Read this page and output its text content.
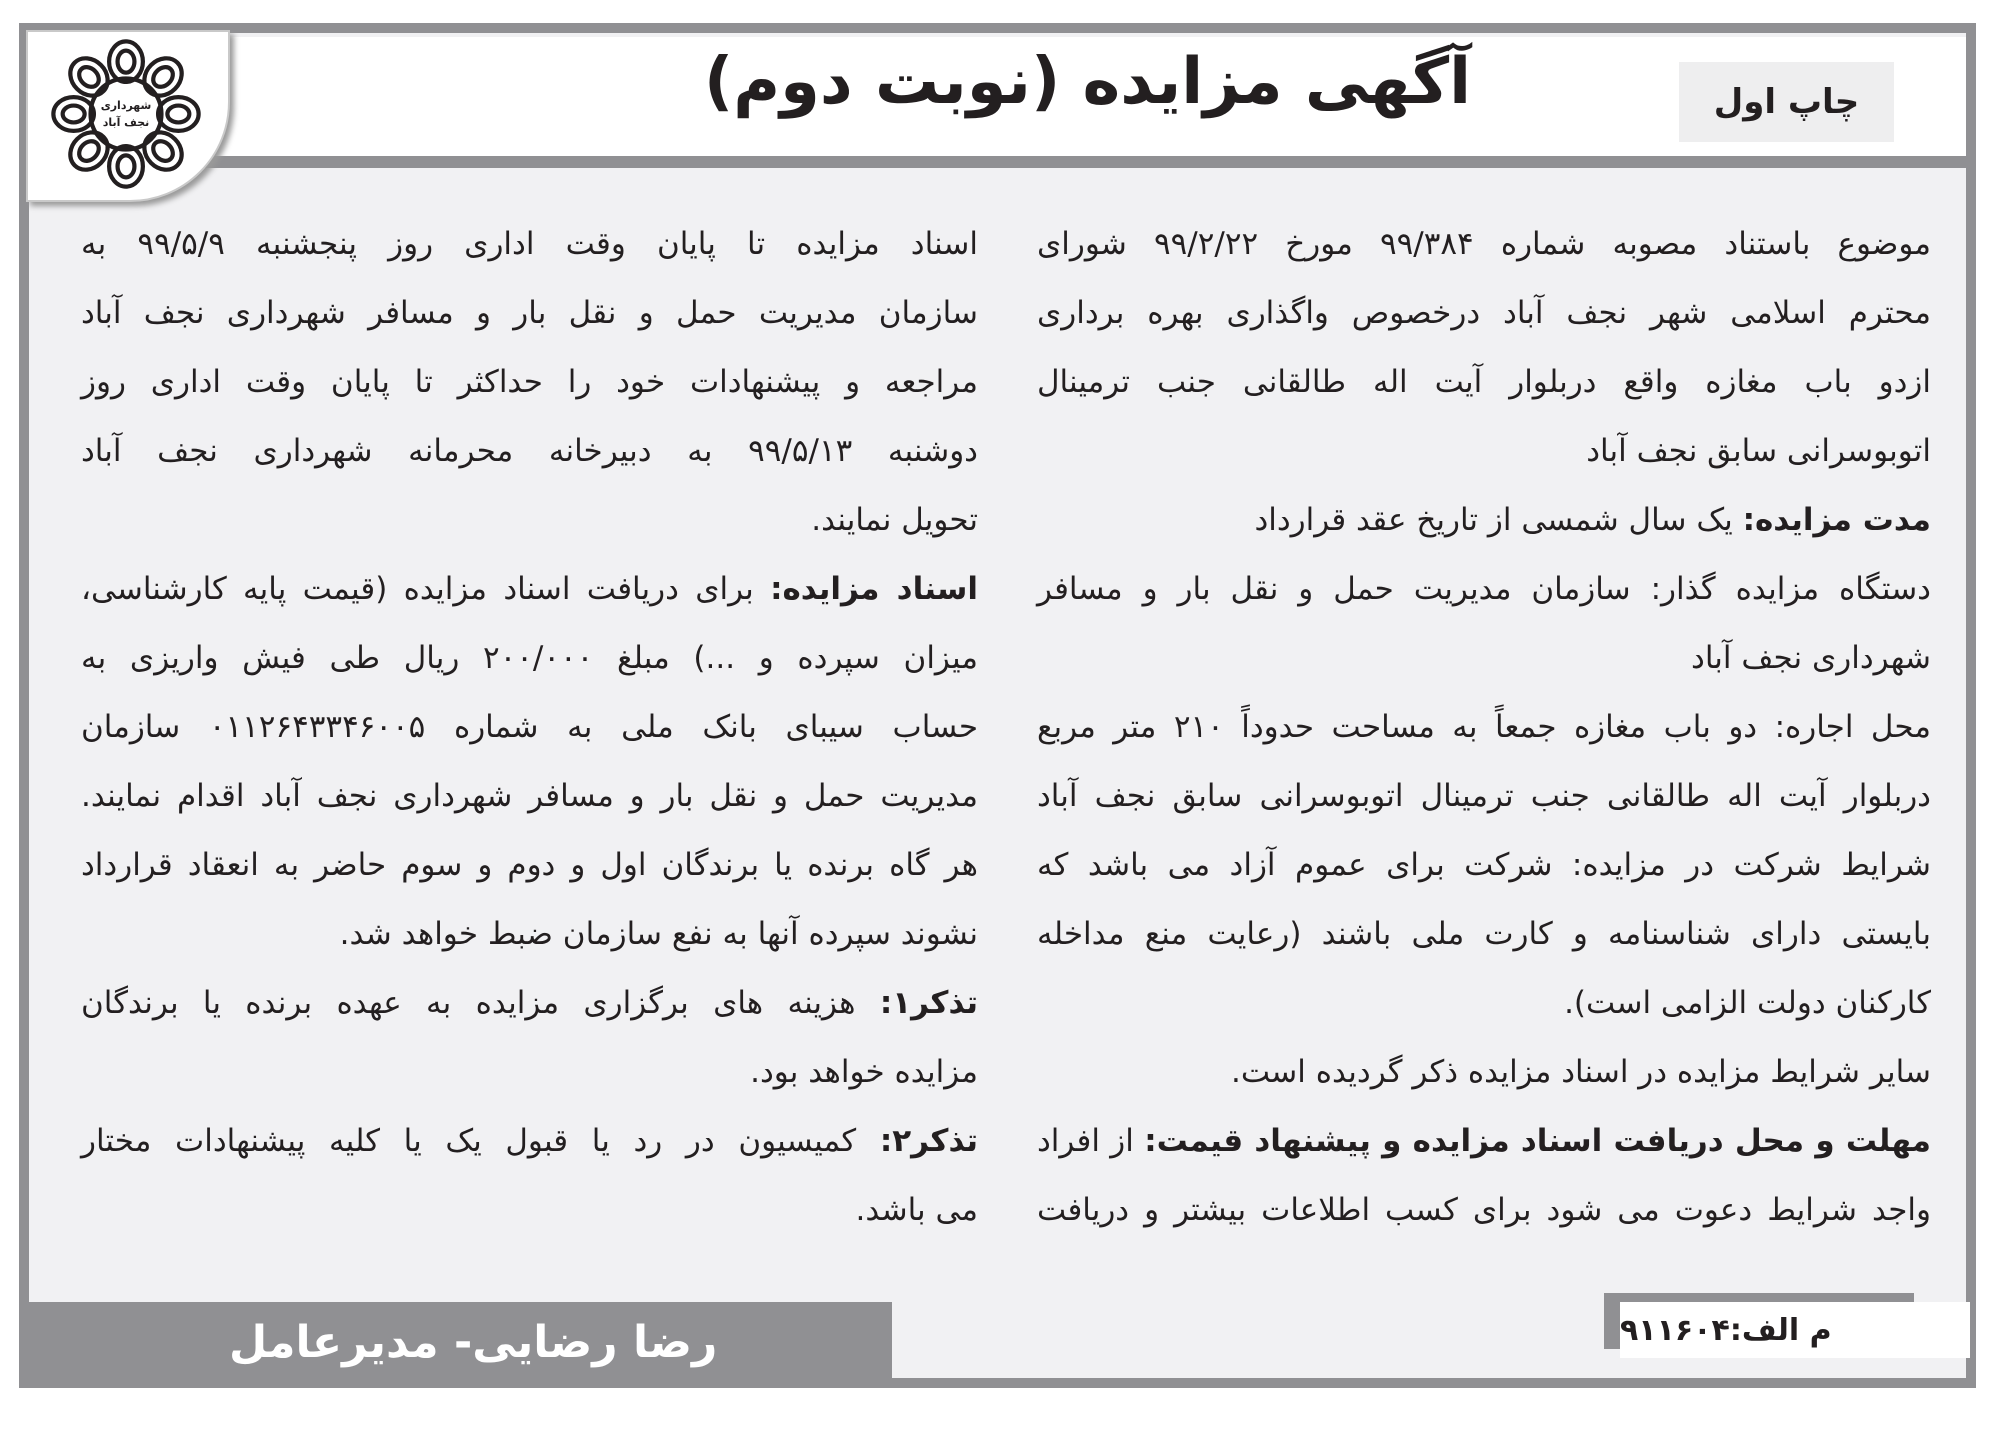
آگهی مزایده (نوبت دوم)	چاپ اول
شهرداری
نجف آباد
موضوع باستناد مصوبه شماره ۹۹/۳۸۴ مورخ ۹۹/۲/۲۲ شورای
محترم اسلامی شهر نجف آباد درخصوص واگذاری بهره برداری
ازدو باب مغازه واقع دربلوار آیت اله طالقانی جنب ترمینال
اتوبوسرانی سابق نجف آباد
مدت مزایده: یک سال شمسی از تاریخ عقد قرارداد
دستگاه مزایده گذار: سازمان مدیریت حمل و نقل بار و مسافر
شهرداری نجف آباد
محل اجاره: دو باب مغازه جمعاً به مساحت حدوداً ۲۱۰ متر مربع
دربلوار آیت اله طالقانی جنب ترمینال اتوبوسرانی سابق نجف آباد
شرایط شرکت در مزایده: شرکت برای عموم آزاد می باشد که
بایستی دارای شناسنامه و کارت ملی باشند (رعایت منع مداخله
کارکنان دولت الزامی است).
سایر شرایط مزایده در اسناد مزایده ذکر گردیده است.
مهلت و محل دریافت اسناد مزایده و پیشنهاد قیمت: از افراد
واجد شرایط دعوت می شود برای کسب اطلاعات بیشتر و دریافت
اسناد مزایده تا پایان وقت اداری روز پنجشنبه ۹۹/۵/۹ به
سازمان مدیریت حمل و نقل بار و مسافر شهرداری نجف آباد
مراجعه و پیشنهادات خود را حداکثر تا پایان وقت اداری روز
دوشنبه ۹۹/۵/۱۳ به دبیرخانه محرمانه شهرداری نجف آباد
تحویل نمایند.
اسناد مزایده: برای دریافت اسناد مزایده (قیمت پایه کارشناسی،
میزان سپرده و ...) مبلغ ۲۰۰/۰۰۰ ریال طی فیش واریزی به
حساب سیبای بانک ملی به شماره ۰۱۱۲۶۴۳۳۴۶۰۰۵ سازمان
مدیریت حمل و نقل بار و مسافر شهرداری نجف آباد اقدام نمایند.
هر گاه برنده یا برندگان اول و دوم و سوم حاضر به انعقاد قرارداد
نشوند سپرده آنها به نفع سازمان ضبط خواهد شد.
تذکر۱: هزینه های برگزاری مزایده به عهده برنده یا برندگان
مزایده خواهد بود.
تذکر۲: کمیسیون در رد یا قبول یک یا کلیه پیشنهادات مختار
می باشد.
رضا رضایی- مدیرعامل	م الف:۹۱۱۶۰۴
